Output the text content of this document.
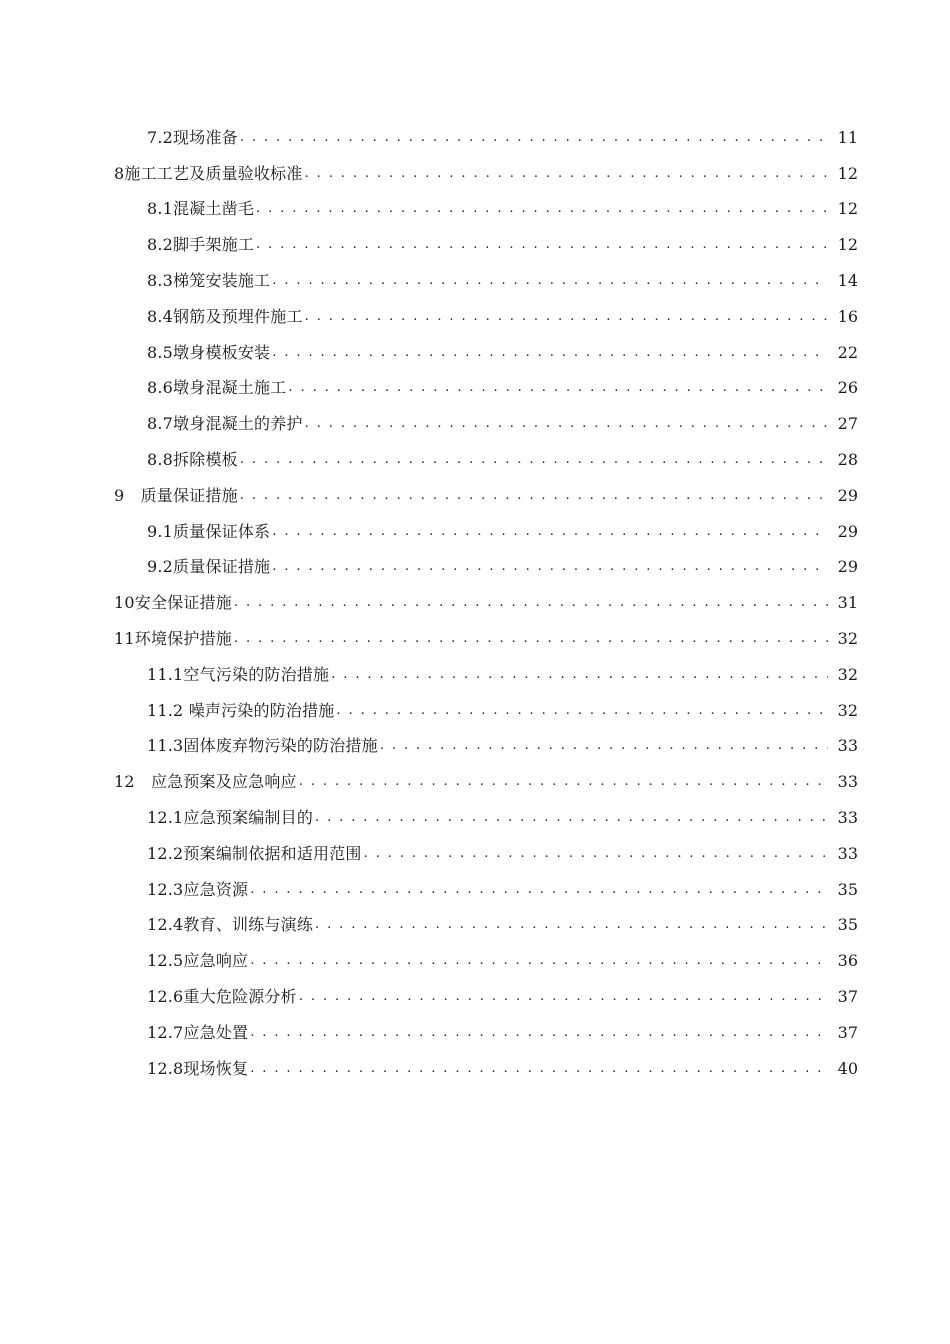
7.2现场准备 . . .	11
8施工工艺及质量验收标准 . . .	12
8.1混凝土凿毛 . . .	12
8.2脚手架施工 . . .	12
8.3梯笼安装施工 . . .	14
8.4钢筋及预埋件施工 . . .	16
8.5墩身模板安装 . . .	22
8.6墩身混凝土施工 . . .	26
8.7墩身混凝土的养护 . . .	27
8.8拆除模板 . . .	28
9　质量保证措施 . . .	29
9.1质量保证体系 . . .	29
9.2质量保证措施 . . .	29
10安全保证措施 . . .	31
11环境保护措施 . . .	32
11.1空气污染的防治措施 . . .	32
11.2 噪声污染的防治措施 . . .	32
11.3固体废弃物污染的防治措施 . . .	33
12　应急预案及应急响应 . . .	33
12.1应急预案编制目的 . . .	33
12.2预案编制依据和适用范围 . . .	33
12.3应急资源 . . .	35
12.4教育、训练与演练 . . .	35
12.5应急响应 . . .	36
12.6重大危险源分析 . . .	37
12.7应急处置 . . .	37
12.8现场恢复 . . .	40
